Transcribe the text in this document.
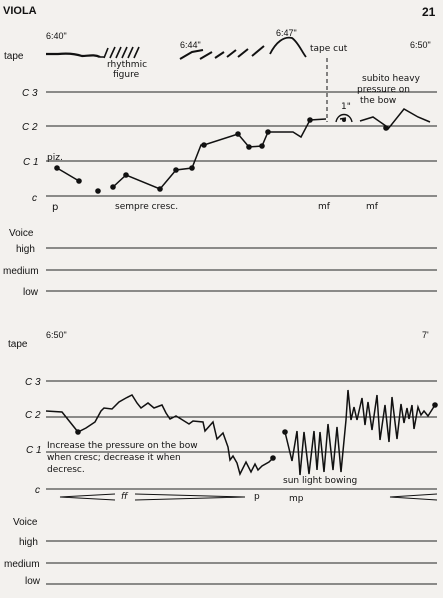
VIOLA	21
tape
C 3
C 2
C 1
c
Voice
high
medium
low
6:40"
6:44"
6:47"
6:50"
rhythmic
figure
tape cut
subito heavy
pressure on
the bow
piz.
1"
p	sempre cresc.	mf	mf
tape
C 3
C 2
C 1
c
Voice
high
medium
low
6:50"	7'
Increase the pressure on the bow
when cresc; decrease it when
decresc.
sun light bowing
ff	p	mp
